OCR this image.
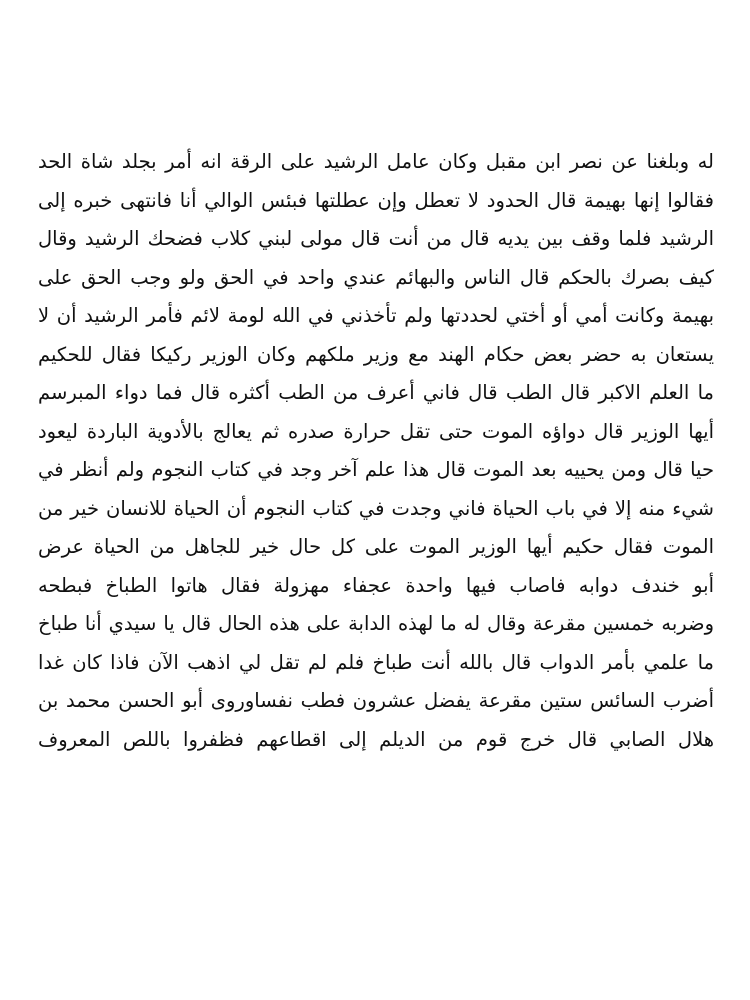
له وبلغنا عن نصر ابن مقبل وكان عامل الرشيد على الرقة انه أمر بجلد شاة الحد
فقالوا إنها بهيمة قال الحدود لا تعطل وإن عطلتها فبئس الوالي أنا فانتهى خبره إلى
الرشيد فلما وقف بين يديه قال من أنت قال مولى لبني كلاب فضحك الرشيد وقال
كيف بصرك بالحكم قال الناس والبهائم عندي واحد في الحق ولو وجب الحق على
بهيمة وكانت أمي أو أختي لحددتها ولم تأخذني في الله لومة لائم فأمر الرشيد أن لا
يستعان به حضر بعض حكام الهند مع وزير ملكهم وكان الوزير ركيكا فقال للحكيم
ما العلم الاكبر قال الطب قال فاني أعرف من الطب أكثره قال فما دواء المبرسم
أيها الوزير قال دواؤه الموت حتى تقل حرارة صدره ثم يعالج بالأدوية الباردة ليعود
حيا قال ومن يحييه بعد الموت قال هذا علم آخر وجد في كتاب النجوم ولم أنظر في
شيء منه إلا في باب الحياة فاني وجدت في كتاب النجوم أن الحياة للانسان خير من
الموت فقال حكيم أيها الوزير الموت على كل حال خير للجاهل من الحياة عرض
أبو خندف دوابه فاصاب فيها واحدة عجفاء مهزولة فقال هاتوا الطباخ فبطحه
وضربه خمسين مقرعة وقال له ما لهذه الدابة على هذه الحال قال يا سيدي أنا طباخ
ما علمي بأمر الدواب قال بالله أنت طباخ فلم لم تقل لي اذهب الآن فاذا كان غدا
أضرب السائس ستين مقرعة يفضل عشرون فطب نفساوروى أبو الحسن محمد بن
هلال الصابي قال خرج قوم من الديلم إلى اقطاعهم فظفروا باللص المعروف
